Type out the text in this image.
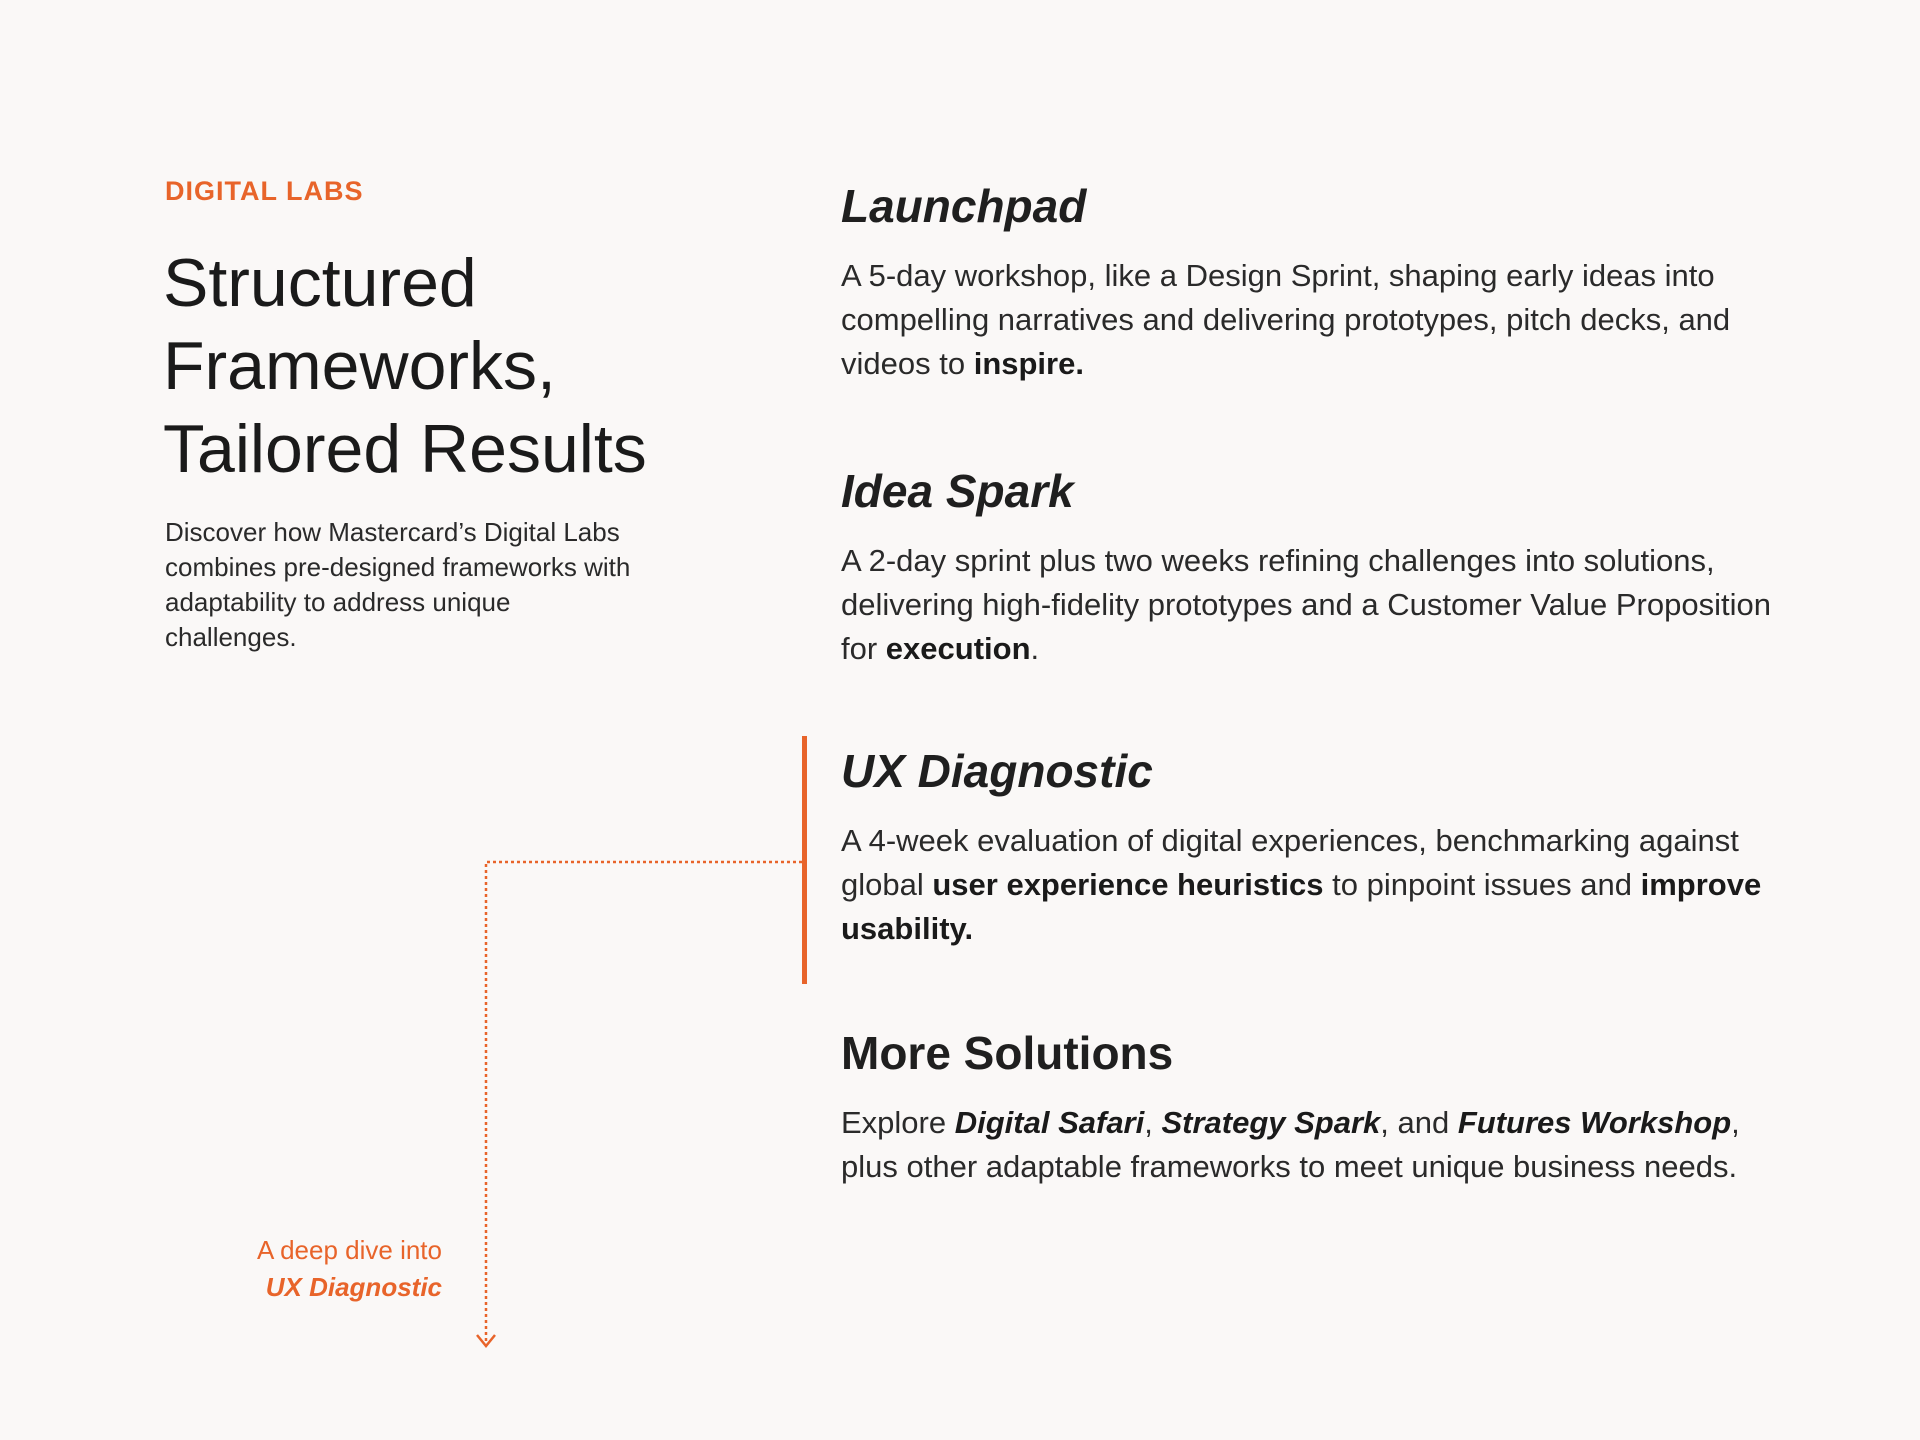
DIGITAL LABS
Structured Frameworks, Tailored Results

Discover how Mastercard’s Digital Labs combines pre-designed frameworks with adaptability to address unique challenges.

Launchpad

A 5-day workshop, like a Design Sprint, shaping early ideas into compelling narratives and delivering prototypes, pitch decks, and videos to inspire.

Idea Spark

A 2-day sprint plus two weeks refining challenges into solutions, delivering high-fidelity prototypes and a Customer Value Proposition for execution.

UX Diagnostic

A 4-week evaluation of digital experiences, benchmarking against global user experience heuristics to pinpoint issues and improve usability.

More Solutions

Explore Digital Safari, Strategy Spark, and Futures Workshop, plus other adaptable frameworks to meet unique business needs.

A deep dive into
UX Diagnostic
